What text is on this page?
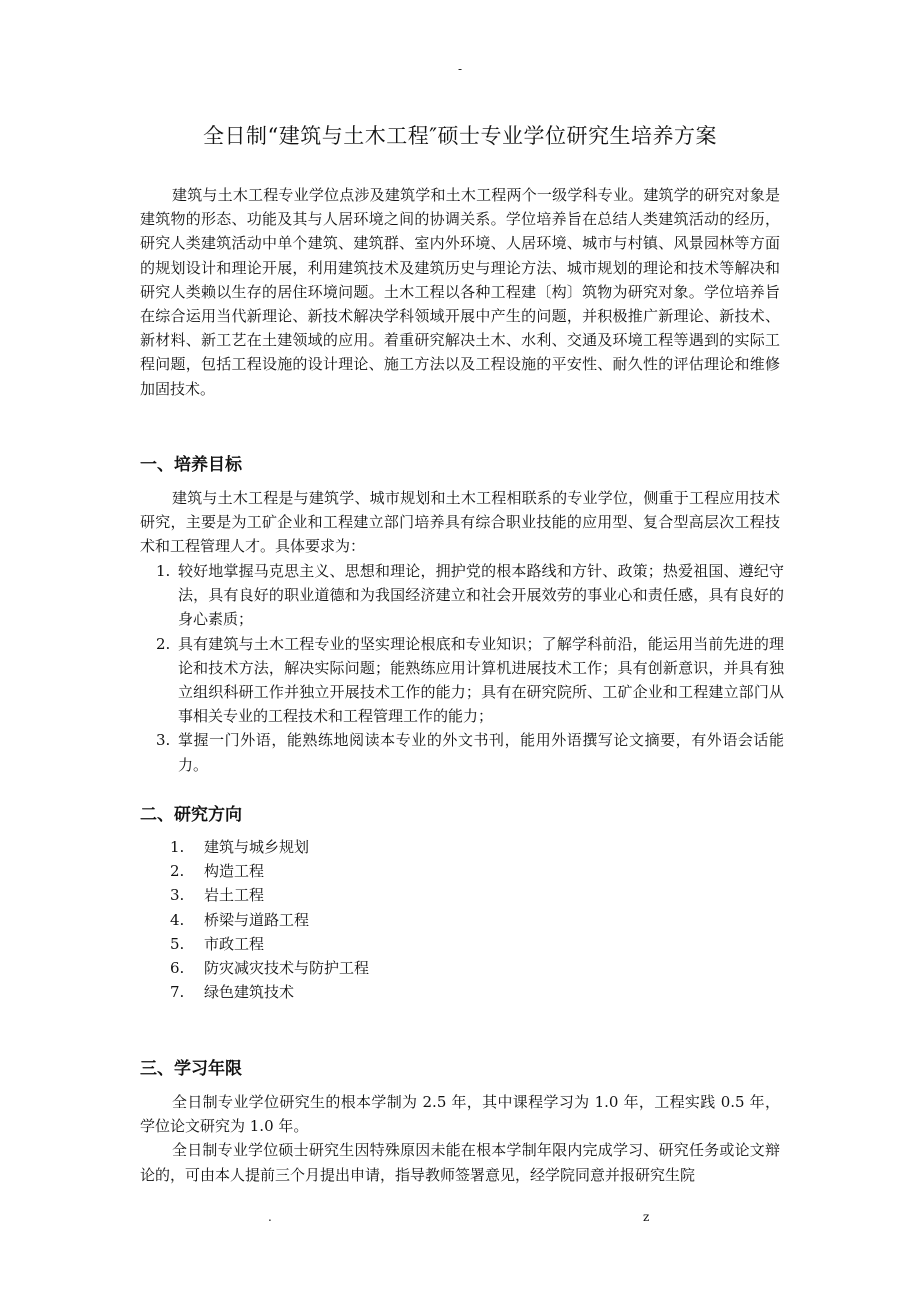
-
全日制“建筑与土木工程″硕士专业学位研究生培养方案
建筑与土木工程专业学位点涉及建筑学和土木工程两个一级学科专业。建筑学的研究对象是建筑物的形态、功能及其与人居环境之间的协调关系。学位培养旨在总结人类建筑活动的经历，研究人类建筑活动中单个建筑、建筑群、室内外环境、人居环境、城市与村镇、风景园林等方面的规划设计和理论开展，利用建筑技术及建筑历史与理论方法、城市规划的理论和技术等解决和研究人类赖以生存的居住环境问题。土木工程以各种工程建〔构〕筑物为研究对象。学位培养旨在综合运用当代新理论、新技术解决学科领域开展中产生的问题，并积极推广新理论、新技术、新材料、新工艺在土建领域的应用。着重研究解决土木、水利、交通及环境工程等遇到的实际工程问题，包括工程设施的设计理论、施工方法以及工程设施的平安性、耐久性的评估理论和维修加固技术。
一、培养目标
建筑与土木工程是与建筑学、城市规划和土木工程相联系的专业学位，侧重于工程应用技术研究，主要是为工矿企业和工程建立部门培养具有综合职业技能的应用型、复合型高层次工程技术和工程管理人才。具体要求为：
1. 较好地掌握马克思主义、思想和理论，拥护党的根本路线和方针、政策；热爱祖国、遵纪守法，具有良好的职业道德和为我国经济建立和社会开展效劳的事业心和责任感，具有良好的身心素质；
2. 具有建筑与土木工程专业的坚实理论根底和专业知识；了解学科前沿，能运用当前先进的理论和技术方法，解决实际问题；能熟练应用计算机进展技术工作；具有创新意识，并具有独立组织科研工作并独立开展技术工作的能力；具有在研究院所、工矿企业和工程建立部门从事相关专业的工程技术和工程管理工作的能力；
3. 掌握一门外语，能熟练地阅读本专业的外文书刊，能用外语撰写论文摘要，有外语会话能力。
二、研究方向
1. 建筑与城乡规划
2. 构造工程
3. 岩土工程
4. 桥梁与道路工程
5. 市政工程
6. 防灾减灾技术与防护工程
7. 绿色建筑技术
三、学习年限

全日制专业学位研究生的根本学制为 2.5 年，其中课程学习为 1.0 年，工程实践 0.5 年，学位论文研究为 1.0 年。

全日制专业学位硕士研究生因特殊原因未能在根本学制年限内完成学习、研究任务或论文辩论的，可由本人提前三个月提出申请，指导教师签署意见，经学院同意并报研究生院

.	z
